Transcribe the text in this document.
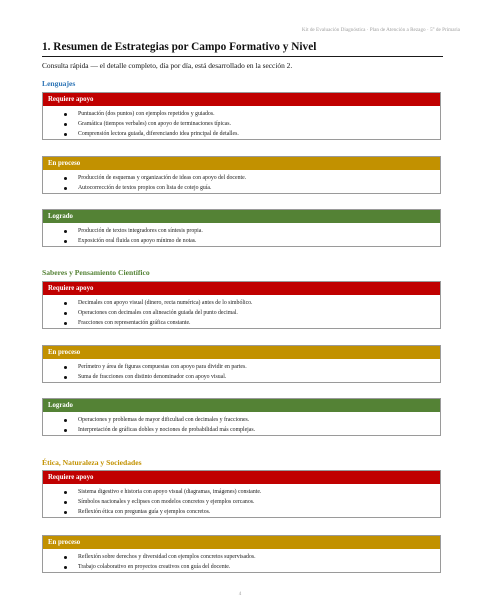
Kit de Evaluación Diagnóstica · Plan de Atención a Rezago · 5° de Primaria
1. Resumen de Estrategias por Campo Formativo y Nivel

Consulta rápida — el detalle completo, día por día, está desarrollado en la sección 2.

Lenguajes
Requiere apoyo
Puntuación (dos puntos) con ejemplos repetidos y guiados.
Gramática (tiempos verbales) con apoyo de terminaciones típicas.
Comprensión lectora guiada, diferenciando idea principal de detalles.
En proceso
Producción de esquemas y organización de ideas con apoyo del docente.
Autocorrección de textos propios con lista de cotejo guía.
Logrado
Producción de textos integradores con síntesis propia.
Exposición oral fluida con apoyo mínimo de notas.
Saberes y Pensamiento Científico
Requiere apoyo
Decimales con apoyo visual (dinero, recta numérica) antes de lo simbólico.
Operaciones con decimales con alineación guiada del punto decimal.
Fracciones con representación gráfica constante.
En proceso
Perímetro y área de figuras compuestas con apoyo para dividir en partes.
Suma de fracciones con distinto denominador con apoyo visual.
Logrado
Operaciones y problemas de mayor dificultad con decimales y fracciones.
Interpretación de gráficas dobles y nociones de probabilidad más complejas.
Ética, Naturaleza y Sociedades
Requiere apoyo
Sistema digestivo e historia con apoyo visual (diagramas, imágenes) constante.
Símbolos nacionales y eclipses con modelos concretos y ejemplos cercanos.
Reflexión ética con preguntas guía y ejemplos concretos.
En proceso
Reflexión sobre derechos y diversidad con ejemplos concretos supervisados.
Trabajo colaborativo en proyectos creativos con guía del docente.
4
